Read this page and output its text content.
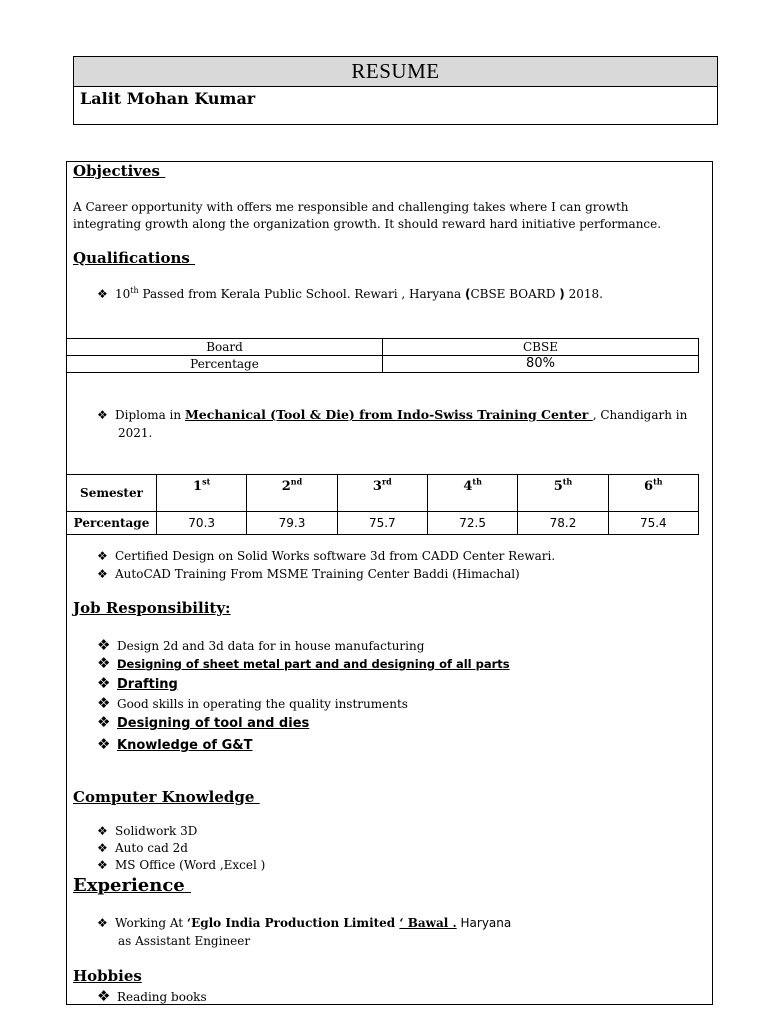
RESUME
Lalit Mohan Kumar
Objectives
A Career opportunity with offers me responsible and challenging takes where I can growth
integrating growth along the organization growth. It should reward hard initiative performance.
Qualifications
❖ 10th Passed from Kerala Public School. Rewari , Haryana (CBSE BOARD ) 2018.
Board	CBSE
Percentage	80%
❖ Diploma in Mechanical (Tool & Die) from Indo-Swiss Training Center , Chandigarh in
2021.
Semester	1st	2nd	3rd	4th	5th	6th
Percentage	70.3	79.3	75.7	72.5	78.2	75.4
❖ Certified Design on Solid Works software 3d from CADD Center Rewari.
❖ AutoCAD Training From MSME Training Center Baddi (Himachal)
Job Responsibility:
❖ Design 2d and 3d data for in house manufacturing
❖ Designing of sheet metal part and and designing of all parts
❖ Drafting
❖ Good skills in operating the quality instruments
❖ Designing of tool and dies
❖ Knowledge of G&T
Computer Knowledge
❖ Solidwork 3D
❖ Auto cad 2d
❖ MS Office (Word ,Excel )
Experience
❖ Working At ‘Eglo India Production Limited ‘ Bawal . Haryana
as Assistant Engineer
Hobbies
❖ Reading books
